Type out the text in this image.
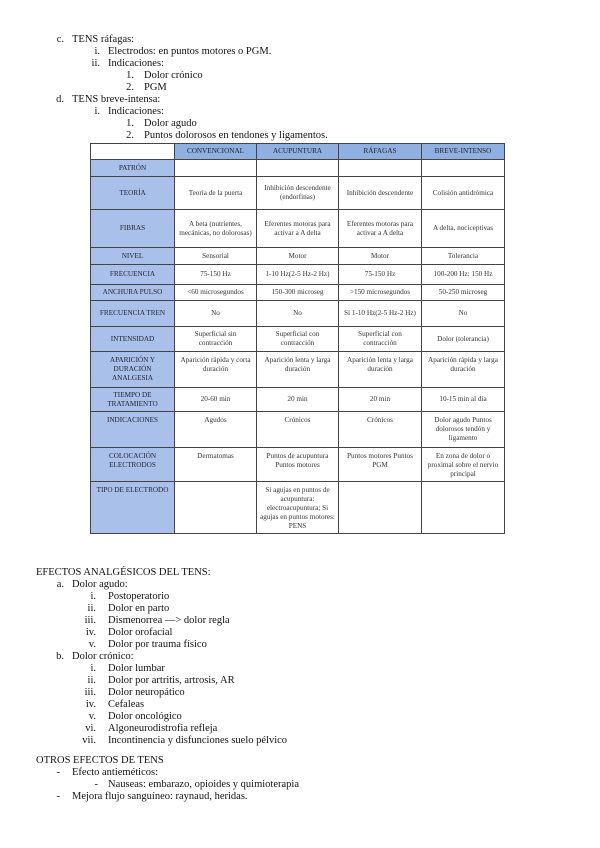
c. TENS ráfagas:
i. Electrodos: en puntos motores o PGM.
ii. Indicaciones:
1. Dolor crónico
2. PGM
d. TENS breve-intensa:
i. Indicaciones:
1. Dolor agudo
2. Puntos dolorosos en tendones y ligamentos.
	CONVENCIONAL	ACUPUNTURA	RÁFAGAS	BREVE-INTENSO
PATRÓN				
TEORÍA	Teoría de la puerta	Inhibición descendente (endorfinas)	Inhibición descendente	Colisión antidrómica
FIBRAS	A beta (nutrientes, mecánicas, no dolorosas)	Eferentes motoras para activar a A delta	Eferentes motoras para activar a A delta	A delta, nociceptivas
NIVEL	Sensorial	Motor	Motor	Tolerancia
FRECUENCIA	75-150 Hz	1-10 Hz(2-5 Hz-2 Hz)	75-150 Hz	100-200 Hz: 150 Hz
ANCHURA PULSO	<60 microsegundos	150-300 microseg	>150 microsegundos	50-250 microseg
FRECUENCIA TREN	No	No	Sí 1-10 Hz(2-5 Hz-2 Hz)	No
INTENSIDAD	Superficial sin contracción	Superficial con contracción	Superficial con contracción	Dolor (tolerancia)
APARICIÓN Y DURACIÓN ANALGESIA	Aparición rápida y corta duración	Aparición lenta y larga duración	Aparición lenta y larga duración	Aparición rápida y larga duración
TIEMPO DE TRATAMIENTO	20-60 min	20 min	20 min	10-15 min al día
INDICACIONES	Agudos	Crónicos	Crónicos	Dolor agudo Puntos dolorosos tendón y ligamento
COLOCACIÓN ELECTRODOS	Dermatomas	Puntos de acupuntura Puntos motores	Puntos motores Puntos PGM	En zona de dolor o proximal sobre el nervio principal
TIPO DE ELECTRODO		Si agujas en puntos de acupuntura: electroacupuntura; Si agujas en puntos motores: PENS		
EFECTOS ANALGÉSICOS DEL TENS:
a. Dolor agudo:
i. Postoperatorio
ii. Dolor en parto
iii. Dismenorrea —> dolor regla
iv. Dolor orofacial
v. Dolor por trauma físico
b. Dolor crónico:
i. Dolor lumbar
ii. Dolor por artritis, artrosis, AR
iii. Dolor neuropático
iv. Cefaleas
v. Dolor oncológico
vi. Algoneurodistrofia refleja
vii. Incontinencia y disfunciones suelo pélvico
OTROS EFECTOS DE TENS
- Efecto antieméticos:
- Nauseas: embarazo, opioides y quimioterapia
- Mejora flujo sanguíneo: raynaud, heridas.
